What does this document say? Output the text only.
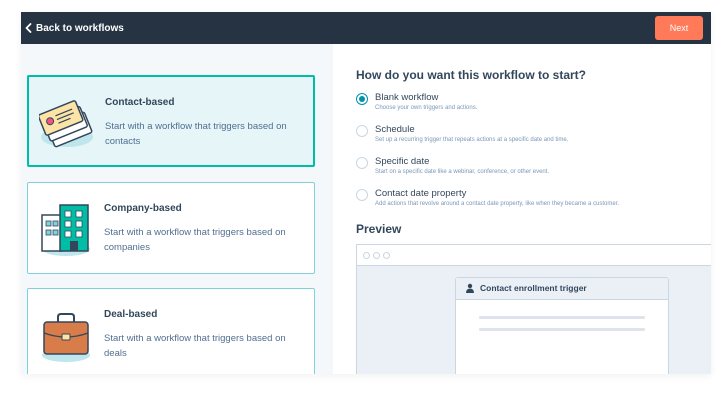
Back to workflows	Next
Contact-based
Start with a workflow that triggers based on contacts
Company-based
Start with a workflow that triggers based on companies
Deal-based
Start with a workflow that triggers based on deals
How do you want this workflow to start?
Blank workflow
Choose your own triggers and actions.
Schedule
Set up a recurring trigger that repeats actions at a specific date and time.
Specific date
Start on a specific date like a webinar, conference, or other event.
Contact date property
Add actions that revolve around a contact date property, like when they became a customer.
Preview
Contact enrollment trigger
